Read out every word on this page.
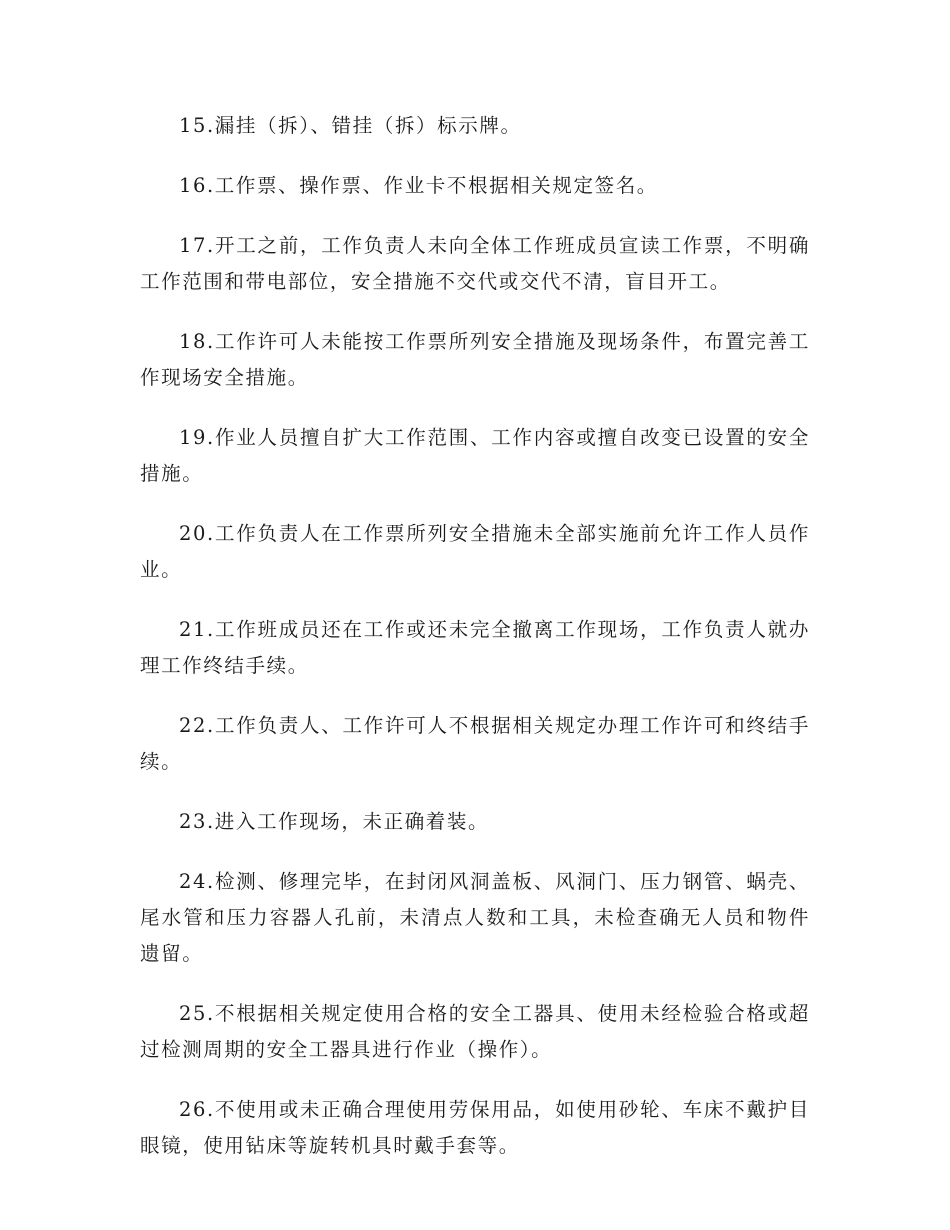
15.漏挂（拆）、错挂（拆）标示牌。

16.工作票、操作票、作业卡不根据相关规定签名。

17.开工之前，工作负责人未向全体工作班成员宣读工作票，不明确工作范围和带电部位，安全措施不交代或交代不清，盲目开工。

18.工作许可人未能按工作票所列安全措施及现场条件，布置完善工作现场安全措施。

19.作业人员擅自扩大工作范围、工作内容或擅自改变已设置的安全措施。

20.工作负责人在工作票所列安全措施未全部实施前允许工作人员作业。

21.工作班成员还在工作或还未完全撤离工作现场，工作负责人就办理工作终结手续。

22.工作负责人、工作许可人不根据相关规定办理工作许可和终结手续。

23.进入工作现场，未正确着装。

24.检测、修理完毕，在封闭风洞盖板、风洞门、压力钢管、蜗壳、尾水管和压力容器人孔前，未清点人数和工具，未检查确无人员和物件遗留。

25.不根据相关规定使用合格的安全工器具、使用未经检验合格或超过检测周期的安全工器具进行作业（操作）。

26.不使用或未正确合理使用劳保用品，如使用砂轮、车床不戴护目眼镜，使用钻床等旋转机具时戴手套等。
